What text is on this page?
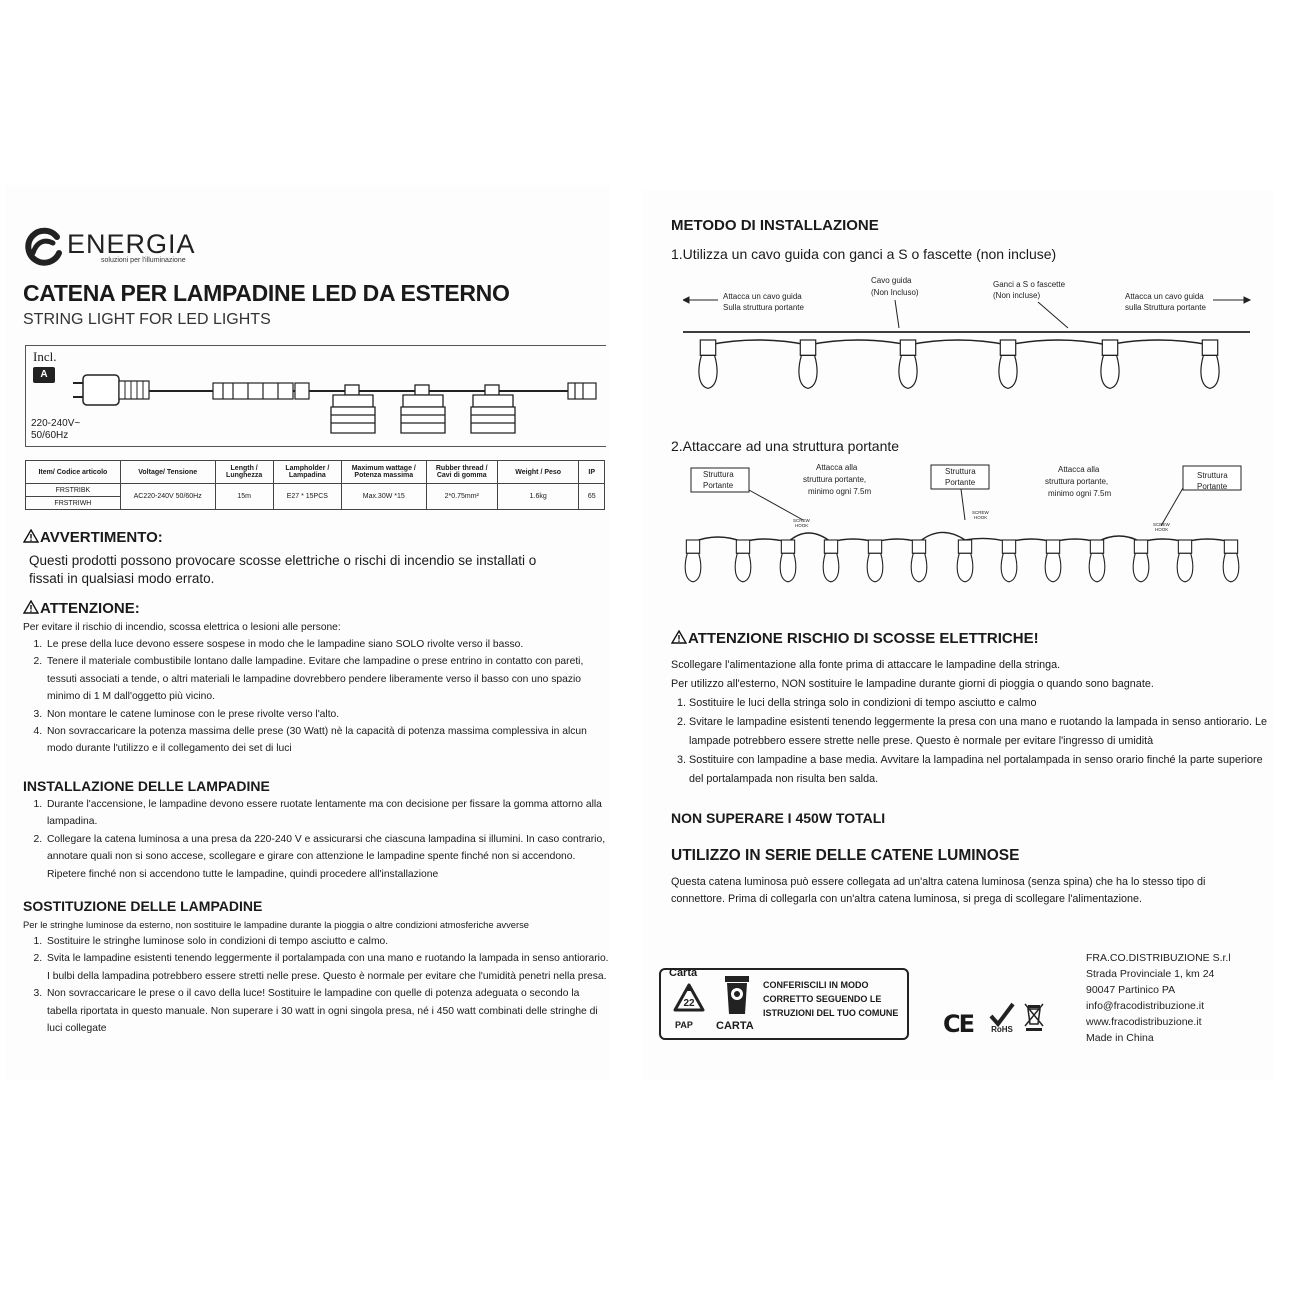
ENERGIA
soluzioni per l'illuminazione
CATENA PER LAMPADINE LED DA ESTERNO
STRING LIGHT FOR LED LIGHTS
Incl.
A
220-240V~
50/60Hz
Item/ Codice articolo	Voltage/ Tensione	Length / Lunghezza	Lampholder / Lampadina	Maximum wattage / Potenza massima	Rubber thread / Cavi di gomma	Weight / Peso	IP
FRSTRIBK	AC220-240V 50/60Hz	15m	E27 * 15PCS	Max.30W *15	2*0.75mm²	1.6kg	65
FRSTRIWH							
AVVERTIMENTO:
Questi prodotti possono provocare scosse elettriche o rischi di incendio se installati o fissati in qualsiasi modo errato.
ATTENZIONE:
Per evitare il rischio di incendio, scossa elettrica o lesioni alle persone:
1. Le prese della luce devono essere sospese in modo che le lampadine siano SOLO rivolte verso il basso.
2. Tenere il materiale combustibile lontano dalle lampadine. Evitare che lampadine o prese entrino in contatto con pareti, tessuti associati a tende, o altri materiali le lampadine dovrebbero pendere liberamente verso il basso con uno spazio minimo di 1 M dall'oggetto più vicino.
3. Non montare le catene luminose con le prese rivolte verso l'alto.
4. Non sovraccaricare la potenza massima delle prese (30 Watt) nè la capacità di potenza massima complessiva in alcun modo durante l'utilizzo e il collegamento dei set di luci
INSTALLAZIONE DELLE LAMPADINE
1. Durante l'accensione, le lampadine devono essere ruotate lentamente ma con decisione per fissare la gomma attorno alla lampadina.
2. Collegare la catena luminosa a una presa da 220-240 V e assicurarsi che ciascuna lampadina si illumini. In caso contrario, annotare quali non si sono accese, scollegare e girare con attenzione le lampadine spente finché non si accendono. Ripetere finché non si accendono tutte le lampadine, quindi procedere all'installazione
SOSTITUZIONE DELLE LAMPADINE
Per le stringhe luminose da esterno, non sostituire le lampadine durante la pioggia o altre condizioni atmosferiche avverse
1. Sostituire le stringhe luminose solo in condizioni di tempo asciutto e calmo.
2. Svita le lampadine esistenti tenendo leggermente il portalampada con una mano e ruotando la lampada in senso antiorario. I bulbi della lampadina potrebbero essere stretti nelle prese. Questo è normale per evitare che l'umidità penetri nella presa.
3. Non sovraccaricare le prese o il cavo della luce! Sostituire le lampadine con quelle di potenza adeguata o secondo la tabella riportata in questo manuale. Non superare i 30 watt in ogni singola presa, né i 450 watt combinati delle stringhe di luci collegate
METODO DI INSTALLAZIONE
1.Utilizza un cavo guida con ganci a S o fascette (non incluse)
Attacca un cavo guida
Sulla struttura portante
Cavo guida
(Non Incluso)
Ganci a S o fascette
(Non incluse)	Attacca un cavo guida
sulla Struttura portante
2.Attaccare ad una struttura portante
Struttura
Portante
Struttura
Portante
Struttura
Portante
Attacca alla
struttura portante,
minimo ogni 7.5m
Attacca alla
struttura portante,
minimo ogni 7.5m
SCREW
HOOK
SCREW
HOOK
SCREW
HOOK
ATTENZIONE RISCHIO DI SCOSSE ELETTRICHE!
Scollegare l'alimentazione alla fonte prima di attaccare le lampadine della stringa.
Per utilizzo all'esterno, NON sostituire le lampadine durante giorni di pioggia o quando sono bagnate.
1. Sostituire le luci della stringa solo in condizioni di tempo asciutto e calmo
2. Svitare le lampadine esistenti tenendo leggermente la presa con una mano e ruotando la lampada in senso antiorario. Le lampade potrebbero essere strette nelle prese. Questo è normale per evitare l'ingresso di umidità
3. Sostituire con lampadine a base media. Avvitare la lampadina nel portalampada in senso orario finché la parte superiore del portalampada non risulta ben salda.
NON SUPERARE I 450W TOTALI
UTILIZZO IN SERIE DELLE CATENE LUMINOSE
Questa catena luminosa può essere collegata ad un'altra catena luminosa (senza spina) che ha lo stesso tipo di connettore. Prima di collegarla con un'altra catena luminosa, si prega di scollegare l'alimentazione.
Carta
22
PAP CARTA
CONFERISCILI IN MODO
CORRETTO SEGUENDO LE
ISTRUZIONI DEL TUO COMUNE CE RoHS
FRA.CO.DISTRIBUZIONE S.r.l
Strada Provinciale 1, km 24
90047 Partinico PA
info@fracodistribuzione.it
www.fracodistribuzione.it
Made in China
